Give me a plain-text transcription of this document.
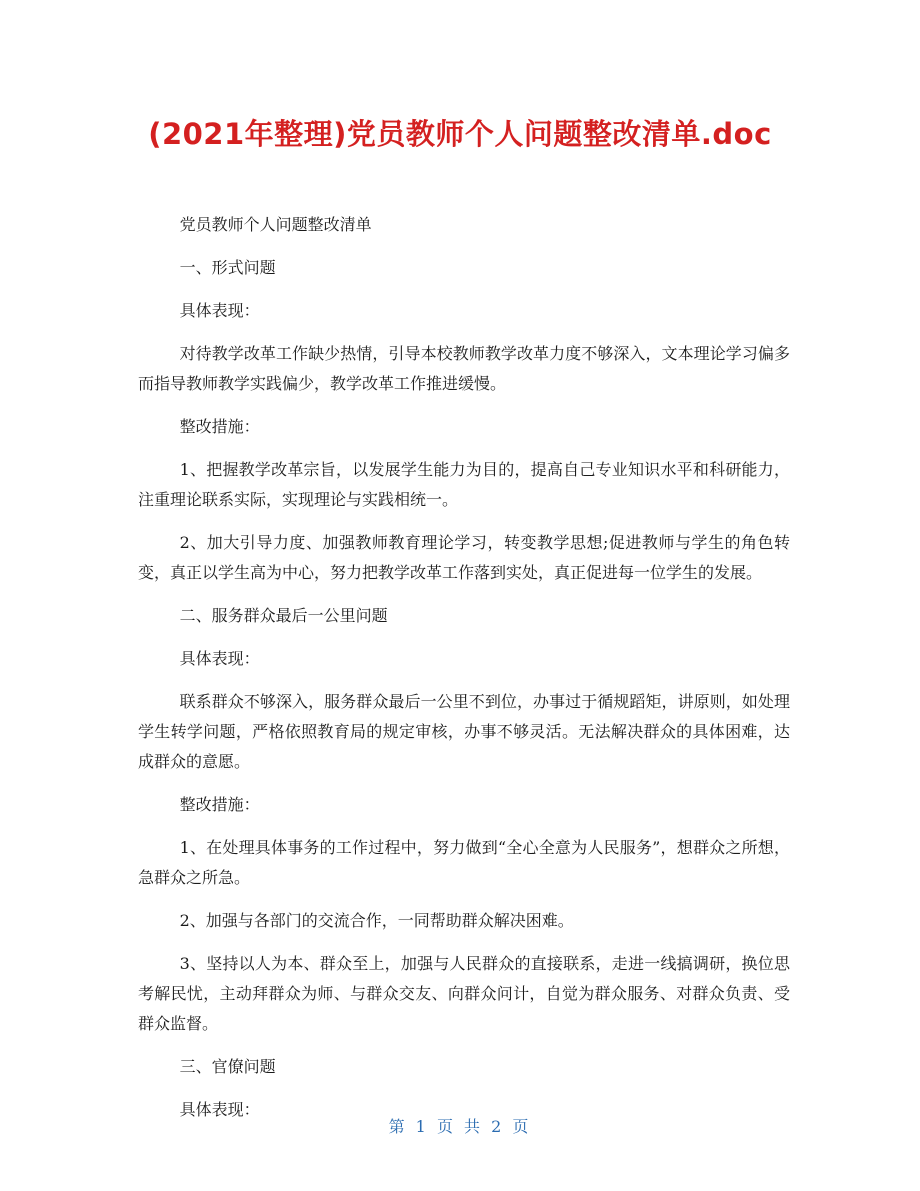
(2021年整理)党员教师个人问题整改清单.doc

党员教师个人问题整改清单

一、形式问题

具体表现：

对待教学改革工作缺少热情，引导本校教师教学改革力度不够深入，文本理论学习偏多而指导教师教学实践偏少，教学改革工作推进缓慢。

整改措施：

1、把握教学改革宗旨，以发展学生能力为目的，提高自己专业知识水平和科研能力，注重理论联系实际，实现理论与实践相统一。

2、加大引导力度、加强教师教育理论学习，转变教学思想;促进教师与学生的角色转变，真正以学生高为中心，努力把教学改革工作落到实处，真正促进每一位学生的发展。

二、服务群众最后一公里问题

具体表现：

联系群众不够深入，服务群众最后一公里不到位，办事过于循规蹈矩，讲原则，如处理学生转学问题，严格依照教育局的规定审核，办事不够灵活。无法解决群众的具体困难，达成群众的意愿。

整改措施：

1、在处理具体事务的工作过程中，努力做到“全心全意为人民服务”，想群众之所想，急群众之所急。

2、加强与各部门的交流合作，一同帮助群众解决困难。

3、坚持以人为本、群众至上，加强与人民群众的直接联系，走进一线搞调研，换位思考解民忧，主动拜群众为师、与群众交友、向群众问计，自觉为群众服务、对群众负责、受群众监督。

三、官僚问题

具体表现：

第 1 页 共 2 页
